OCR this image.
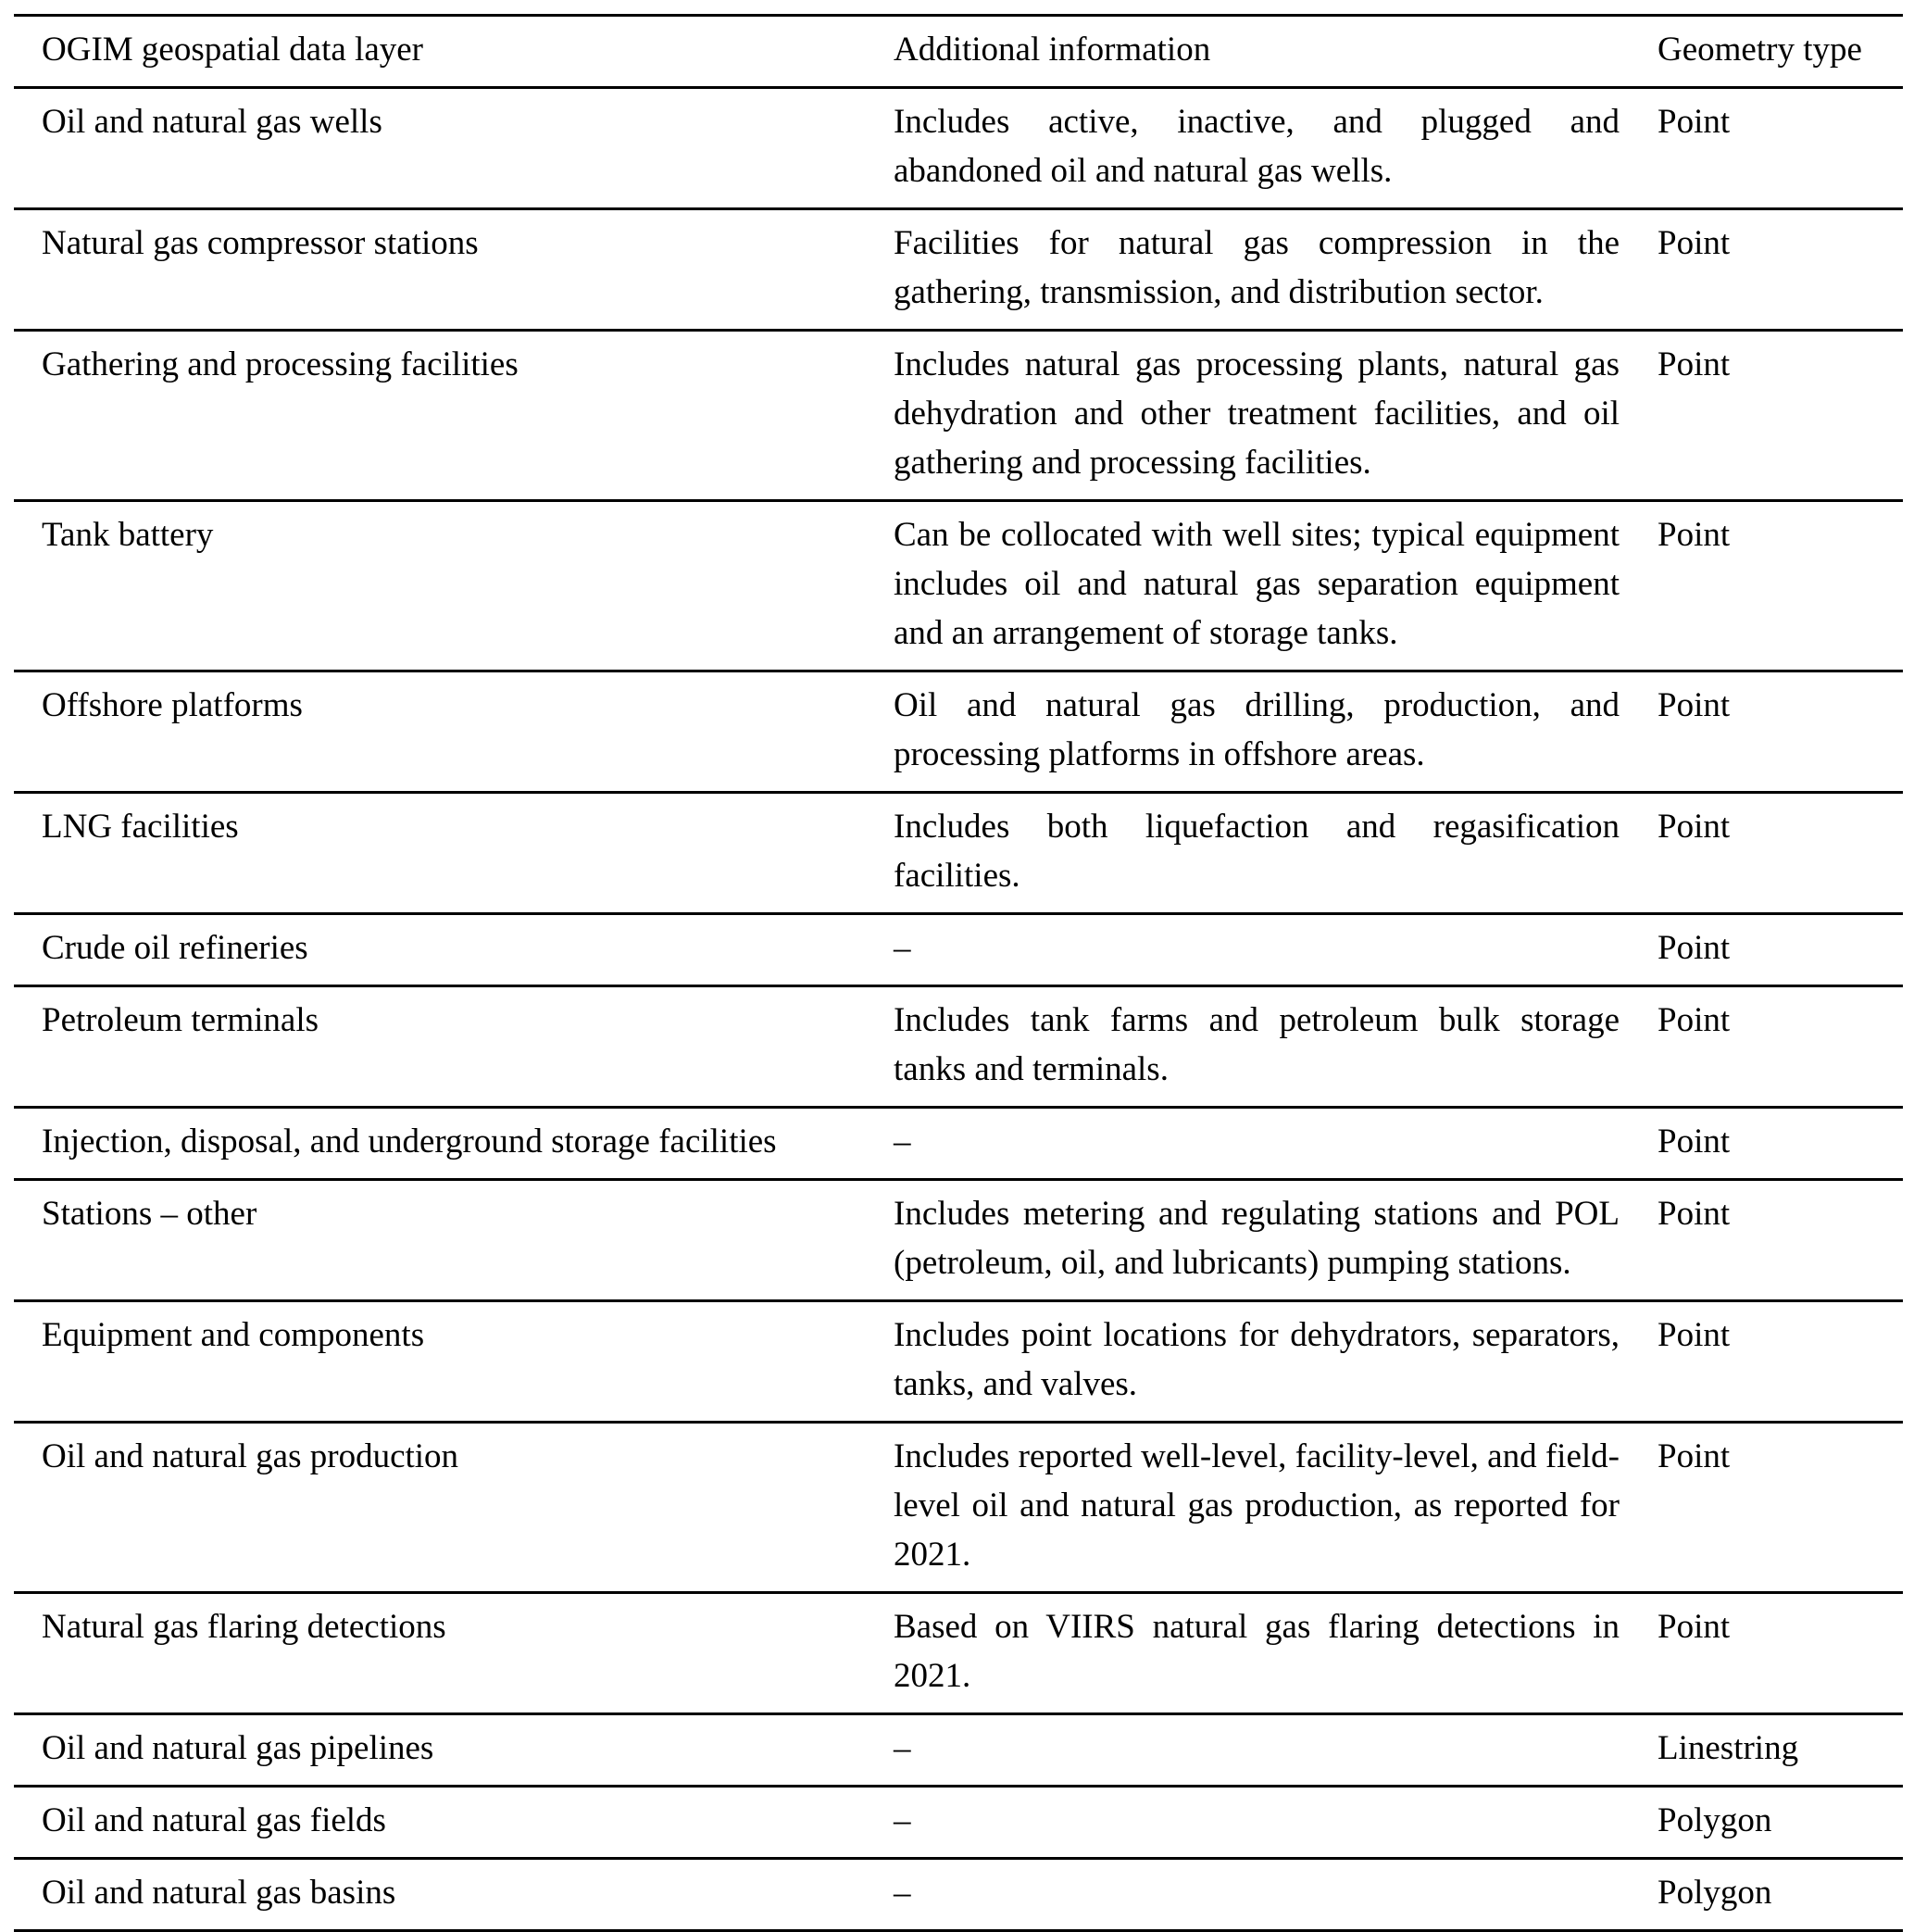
OGIM geospatial data layer	Additional information	Geometry type
Oil and natural gas wells	Includes active, inactive, and plugged and abandoned oil and natural gas wells.	Point
Natural gas compressor stations	Facilities for natural gas compression in the gathering, transmission, and distribution sector.	Point
Gathering and processing facilities	Includes natural gas processing plants, natural gas dehydration and other treatment facilities, and oil gathering and processing facilities.	Point
Tank battery	Can be collocated with well sites; typical equipment includes oil and natural gas separation equipment and an arrangement of storage tanks.	Point
Offshore platforms	Oil and natural gas drilling, production, and processing platforms in offshore areas.	Point
LNG facilities	Includes both liquefaction and regasification facilities.	Point
Crude oil refineries	–	Point
Petroleum terminals	Includes tank farms and petroleum bulk storage tanks and terminals.	Point
Injection, disposal, and underground storage facilities	–	Point
Stations – other	Includes metering and regulating stations and POL (petroleum, oil, and lubricants) pumping stations.	Point
Equipment and components	Includes point locations for dehydrators, separators, tanks, and valves.	Point
Oil and natural gas production	Includes reported well-level, facility-level, and field-level oil and natural gas production, as reported for 2021.	Point
Natural gas flaring detections	Based on VIIRS natural gas flaring detections in 2021.	Point
Oil and natural gas pipelines	–	Linestring
Oil and natural gas fields	–	Polygon
Oil and natural gas basins	–	Polygon
